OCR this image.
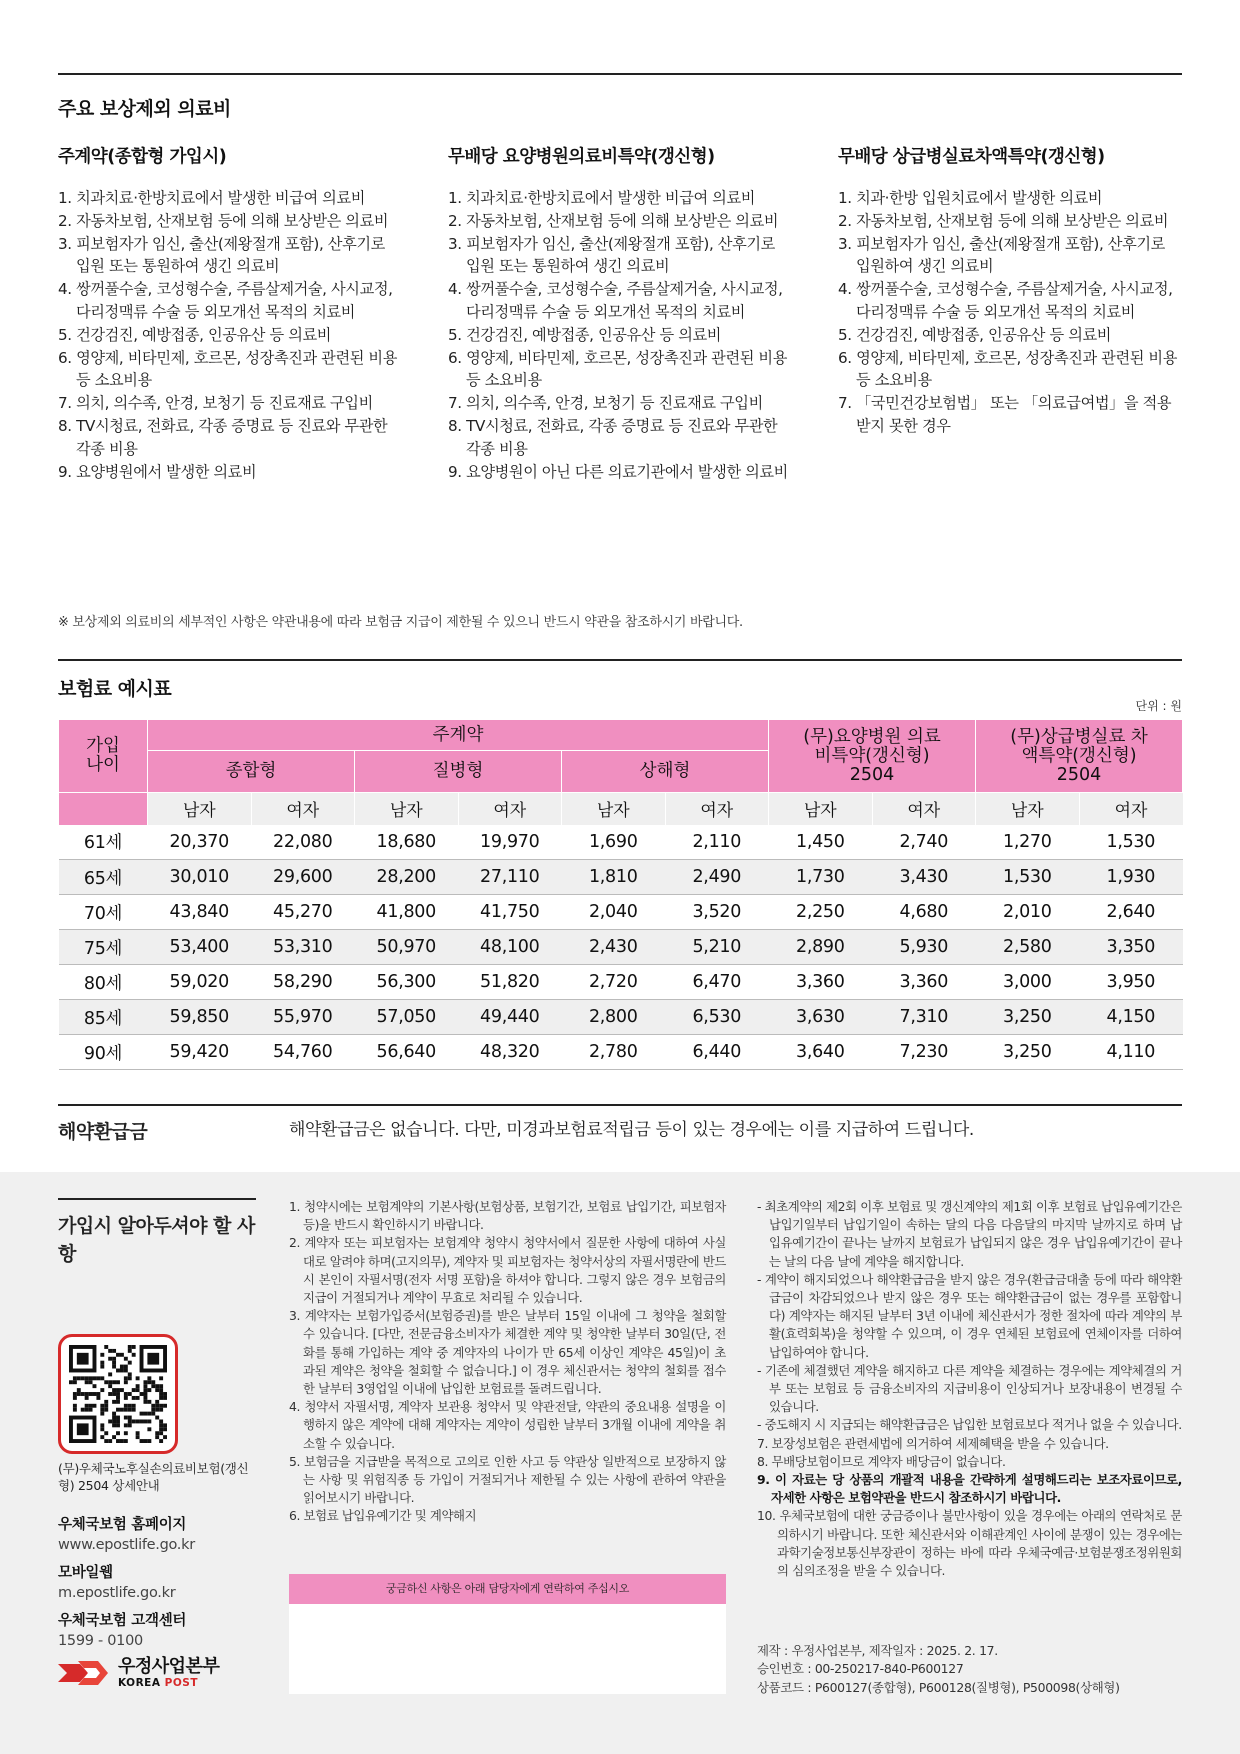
주요 보상제외 의료비
주계약(종합형 가입시)
1. 치과치료·한방치료에서 발생한 비급여 의료비
2. 자동차보험, 산재보험 등에 의해 보상받은 의료비
3. 피보험자가 임신, 출산(제왕절개 포함), 산후기로 입원 또는 통원하여 생긴 의료비
4. 쌍꺼풀수술, 코성형수술, 주름살제거술, 사시교정, 다리정맥류 수술 등 외모개선 목적의 치료비
5. 건강검진, 예방접종, 인공유산 등 의료비
6. 영양제, 비타민제, 호르몬, 성장촉진과 관련된 비용 등 소요비용
7. 의치, 의수족, 안경, 보청기 등 진료재료 구입비
8. TV시청료, 전화료, 각종 증명료 등 진료와 무관한 각종 비용
9. 요양병원에서 발생한 의료비
무배당 요양병원의료비특약(갱신형)
1. 치과치료·한방치료에서 발생한 비급여 의료비
2. 자동차보험, 산재보험 등에 의해 보상받은 의료비
3. 피보험자가 임신, 출산(제왕절개 포함), 산후기로 입원 또는 통원하여 생긴 의료비
4. 쌍꺼풀수술, 코성형수술, 주름살제거술, 사시교정, 다리정맥류 수술 등 외모개선 목적의 치료비
5. 건강검진, 예방접종, 인공유산 등 의료비
6. 영양제, 비타민제, 호르몬, 성장촉진과 관련된 비용 등 소요비용
7. 의치, 의수족, 안경, 보청기 등 진료재료 구입비
8. TV시청료, 전화료, 각종 증명료 등 진료와 무관한 각종 비용
9. 요양병원이 아닌 다른 의료기관에서 발생한 의료비
무배당 상급병실료차액특약(갱신형)
1. 치과·한방 입원치료에서 발생한 의료비
2. 자동차보험, 산재보험 등에 의해 보상받은 의료비
3. 피보험자가 임신, 출산(제왕절개 포함), 산후기로 입원하여 생긴 의료비
4. 쌍꺼풀수술, 코성형수술, 주름살제거술, 사시교정, 다리정맥류 수술 등 외모개선 목적의 치료비
5. 건강검진, 예방접종, 인공유산 등 의료비
6. 영양제, 비타민제, 호르몬, 성장촉진과 관련된 비용 등 소요비용
7. 「국민건강보험법」 또는 「의료급여법」을 적용받지 못한 경우
※ 보상제외 의료비의 세부적인 사항은 약관내용에 따라 보험금 지급이 제한될 수 있으니 반드시 약관을 참조하시기 바랍니다.
보험료 예시표
단위 : 원
가입 나이	주계약						(무)요양병원 의료비특약(갱신형) 2504		(무)상급병실료 차액특약(갱신형) 2504	
	종합형		질병형		상해형					
	남자	여자	남자	여자	남자	여자	남자	여자	남자	여자
61세	20,370	22,080	18,680	19,970	1,690	2,110	1,450	2,740	1,270	1,530
65세	30,010	29,600	28,200	27,110	1,810	2,490	1,730	3,430	1,530	1,930
70세	43,840	45,270	41,800	41,750	2,040	3,520	2,250	4,680	2,010	2,640
75세	53,400	53,310	50,970	48,100	2,430	5,210	2,890	5,930	2,580	3,350
80세	59,020	58,290	56,300	51,820	2,720	6,470	3,360	3,360	3,000	3,950
85세	59,850	55,970	57,050	49,440	2,800	6,530	3,630	7,310	3,250	4,150
90세	59,420	54,760	56,640	48,320	2,780	6,440	3,640	7,230	3,250	4,110
해약환급금	해약환급금은 없습니다. 다만, 미경과보험료적립금 등이 있는 경우에는 이를 지급하여 드립니다.
가입시 알아두셔야 할 사항
(무)우체국노후실손의료비보험(갱신형) 2504 상세안내
우체국보험 홈페이지
www.epostlife.go.kr
모바일웹
m.epostlife.go.kr
우체국보험 고객센터
1599 - 0100
우정사업본부
KOREA POST

1. 청약시에는 보험계약의 기본사항(보험상품, 보험기간, 보험료 납입기간, 피보험자 등)을 반드시 확인하시기 바랍니다.

2. 계약자 또는 피보험자는 보험계약 청약시 청약서에서 질문한 사항에 대하여 사실대로 알려야 하며(고지의무), 계약자 및 피보험자는 청약서상의 자필서명란에 반드시 본인이 자필서명(전자 서명 포함)을 하셔야 합니다. 그렇지 않은 경우 보험금의 지급이 거절되거나 계약이 무효로 처리될 수 있습니다.

3. 계약자는 보험가입증서(보험증권)를 받은 날부터 15일 이내에 그 청약을 철회할 수 있습니다. [다만, 전문금융소비자가 체결한 계약 및 청약한 날부터 30일(단, 전화를 통해 가입하는 계약 중 계약자의 나이가 만 65세 이상인 계약은 45일)이 초과된 계약은 청약을 철회할 수 없습니다.] 이 경우 체신관서는 청약의 철회를 접수한 날부터 3영업일 이내에 납입한 보험료를 돌려드립니다.

4. 청약서 자필서명, 계약자 보관용 청약서 및 약관전달, 약관의 중요내용 설명을 이행하지 않은 계약에 대해 계약자는 계약이 성립한 날부터 3개월 이내에 계약을 취소할 수 있습니다.

5. 보험금을 지급받을 목적으로 고의로 인한 사고 등 약관상 일반적으로 보장하지 않는 사항 및 위험직종 등 가입이 거절되거나 제한될 수 있는 사항에 관하여 약관을 읽어보시기 바랍니다.

6. 보험료 납입유예기간 및 계약해지

궁금하신 사항은 아래 담당자에게 연락하여 주십시오

- 최초계약의 제2회 이후 보험료 및 갱신계약의 제1회 이후 보험료 납입유예기간은 납입기일부터 납입기일이 속하는 달의 다음 다음달의 마지막 날까지로 하며 납입유예기간이 끝나는 날까지 보험료가 납입되지 않은 경우 납입유예기간이 끝나는 날의 다음 날에 계약을 해지합니다.

- 계약이 해지되었으나 해약환급금을 받지 않은 경우(환급금대출 등에 따라 해약환급금이 차감되었으나 받지 않은 경우 또는 해약환급금이 없는 경우를 포함합니다) 계약자는 해지된 날부터 3년 이내에 체신관서가 정한 절차에 따라 계약의 부활(효력회복)을 청약할 수 있으며, 이 경우 연체된 보험료에 연체이자를 더하여 납입하여야 합니다.

- 기존에 체결했던 계약을 해지하고 다른 계약을 체결하는 경우에는 계약체결의 거부 또는 보험료 등 금융소비자의 지급비용이 인상되거나 보장내용이 변경될 수 있습니다.

- 중도해지 시 지급되는 해약환급금은 납입한 보험료보다 적거나 없을 수 있습니다.

7. 보장성보험은 관련세법에 의거하여 세제혜택을 받을 수 있습니다.

8. 무배당보험이므로 계약자 배당금이 없습니다.

9. 이 자료는 당 상품의 개괄적 내용을 간략하게 설명해드리는 보조자료이므로, 자세한 사항은 보험약관을 반드시 참조하시기 바랍니다.

10. 우체국보험에 대한 궁금증이나 불만사항이 있을 경우에는 아래의 연락처로 문의하시기 바랍니다. 또한 체신관서와 이해관계인 사이에 분쟁이 있는 경우에는 과학기술정보통신부장관이 정하는 바에 따라 우체국예금·보험분쟁조정위원회의 심의조정을 받을 수 있습니다.

제작 : 우정사업본부, 제작일자 : 2025. 2. 17.
승인번호 : 00-250217-840-P600127
상품코드 : P600127(종합형), P600128(질병형), P500098(상해형)
